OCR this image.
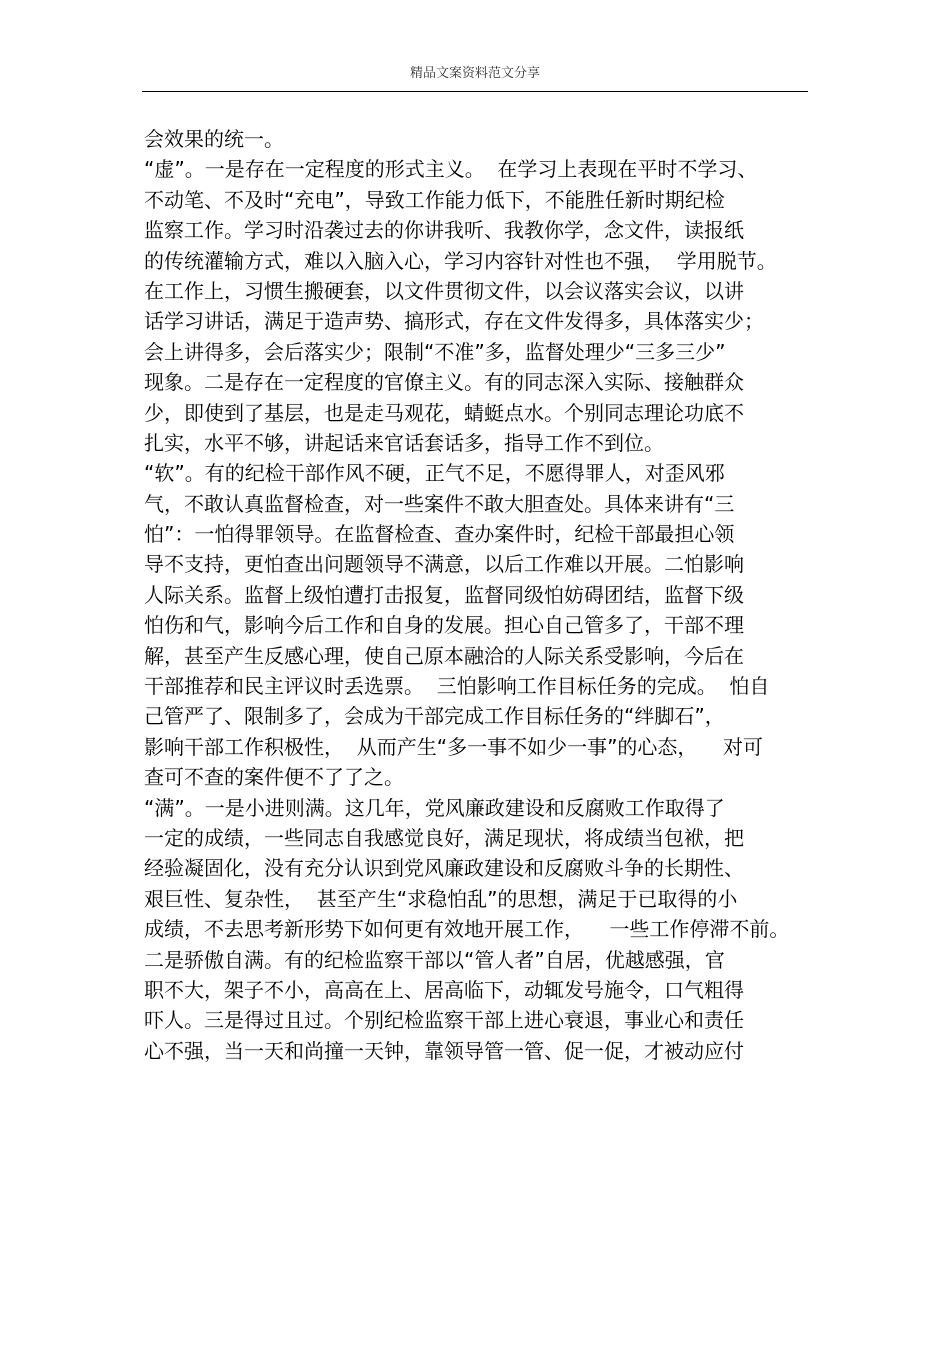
精品文案资料范文分享
会效果的统一。
“虚”。一是存在一定程度的形式主义。  在学习上表现在平时不学习、
不动笔、不及时“充电”，导致工作能力低下，不能胜任新时期纪检
监察工作。学习时沿袭过去的你讲我听、我教你学，念文件，读报纸
的传统灌输方式，难以入脑入心，学习内容针对性也不强，  学用脱节。
在工作上，习惯生搬硬套，以文件贯彻文件，以会议落实会议，以讲
话学习讲话，满足于造声势、搞形式，存在文件发得多，具体落实少；
会上讲得多，会后落实少；限制“不准”多，监督处理少“三多三少”
现象。二是存在一定程度的官僚主义。有的同志深入实际、接触群众
少，即使到了基层，也是走马观花，蜻蜓点水。个别同志理论功底不
扎实，水平不够，讲起话来官话套话多，指导工作不到位。
“软”。有的纪检干部作风不硬，正气不足，不愿得罪人，对歪风邪
气，不敢认真监督检查，对一些案件不敢大胆查处。具体来讲有“三
怕”：一怕得罪领导。在监督检查、查办案件时，纪检干部最担心领
导不支持，更怕查出问题领导不满意，以后工作难以开展。二怕影响
人际关系。监督上级怕遭打击报复，监督同级怕妨碍团结，监督下级
怕伤和气，影响今后工作和自身的发展。担心自己管多了，干部不理
解，甚至产生反感心理，使自己原本融洽的人际关系受影响，今后在
干部推荐和民主评议时丢选票。  三怕影响工作目标任务的完成。  怕自
己管严了、限制多了，会成为干部完成工作目标任务的“绊脚石”，
影响干部工作积极性，  从而产生“多一事不如少一事”的心态，    对可
查可不查的案件便不了了之。
“满”。一是小进则满。这几年，党风廉政建设和反腐败工作取得了
一定的成绩，一些同志自我感觉良好，满足现状，将成绩当包袱，把
经验凝固化，没有充分认识到党风廉政建设和反腐败斗争的长期性、
艰巨性、复杂性，  甚至产生“求稳怕乱”的思想，满足于已取得的小
成绩，不去思考新形势下如何更有效地开展工作，    一些工作停滞不前。
二是骄傲自满。有的纪检监察干部以“管人者”自居，优越感强，官
职不大，架子不小，高高在上、居高临下，动辄发号施令，口气粗得
吓人。三是得过且过。个别纪检监察干部上进心衰退，事业心和责任
心不强，当一天和尚撞一天钟，靠领导管一管、促一促，才被动应付
